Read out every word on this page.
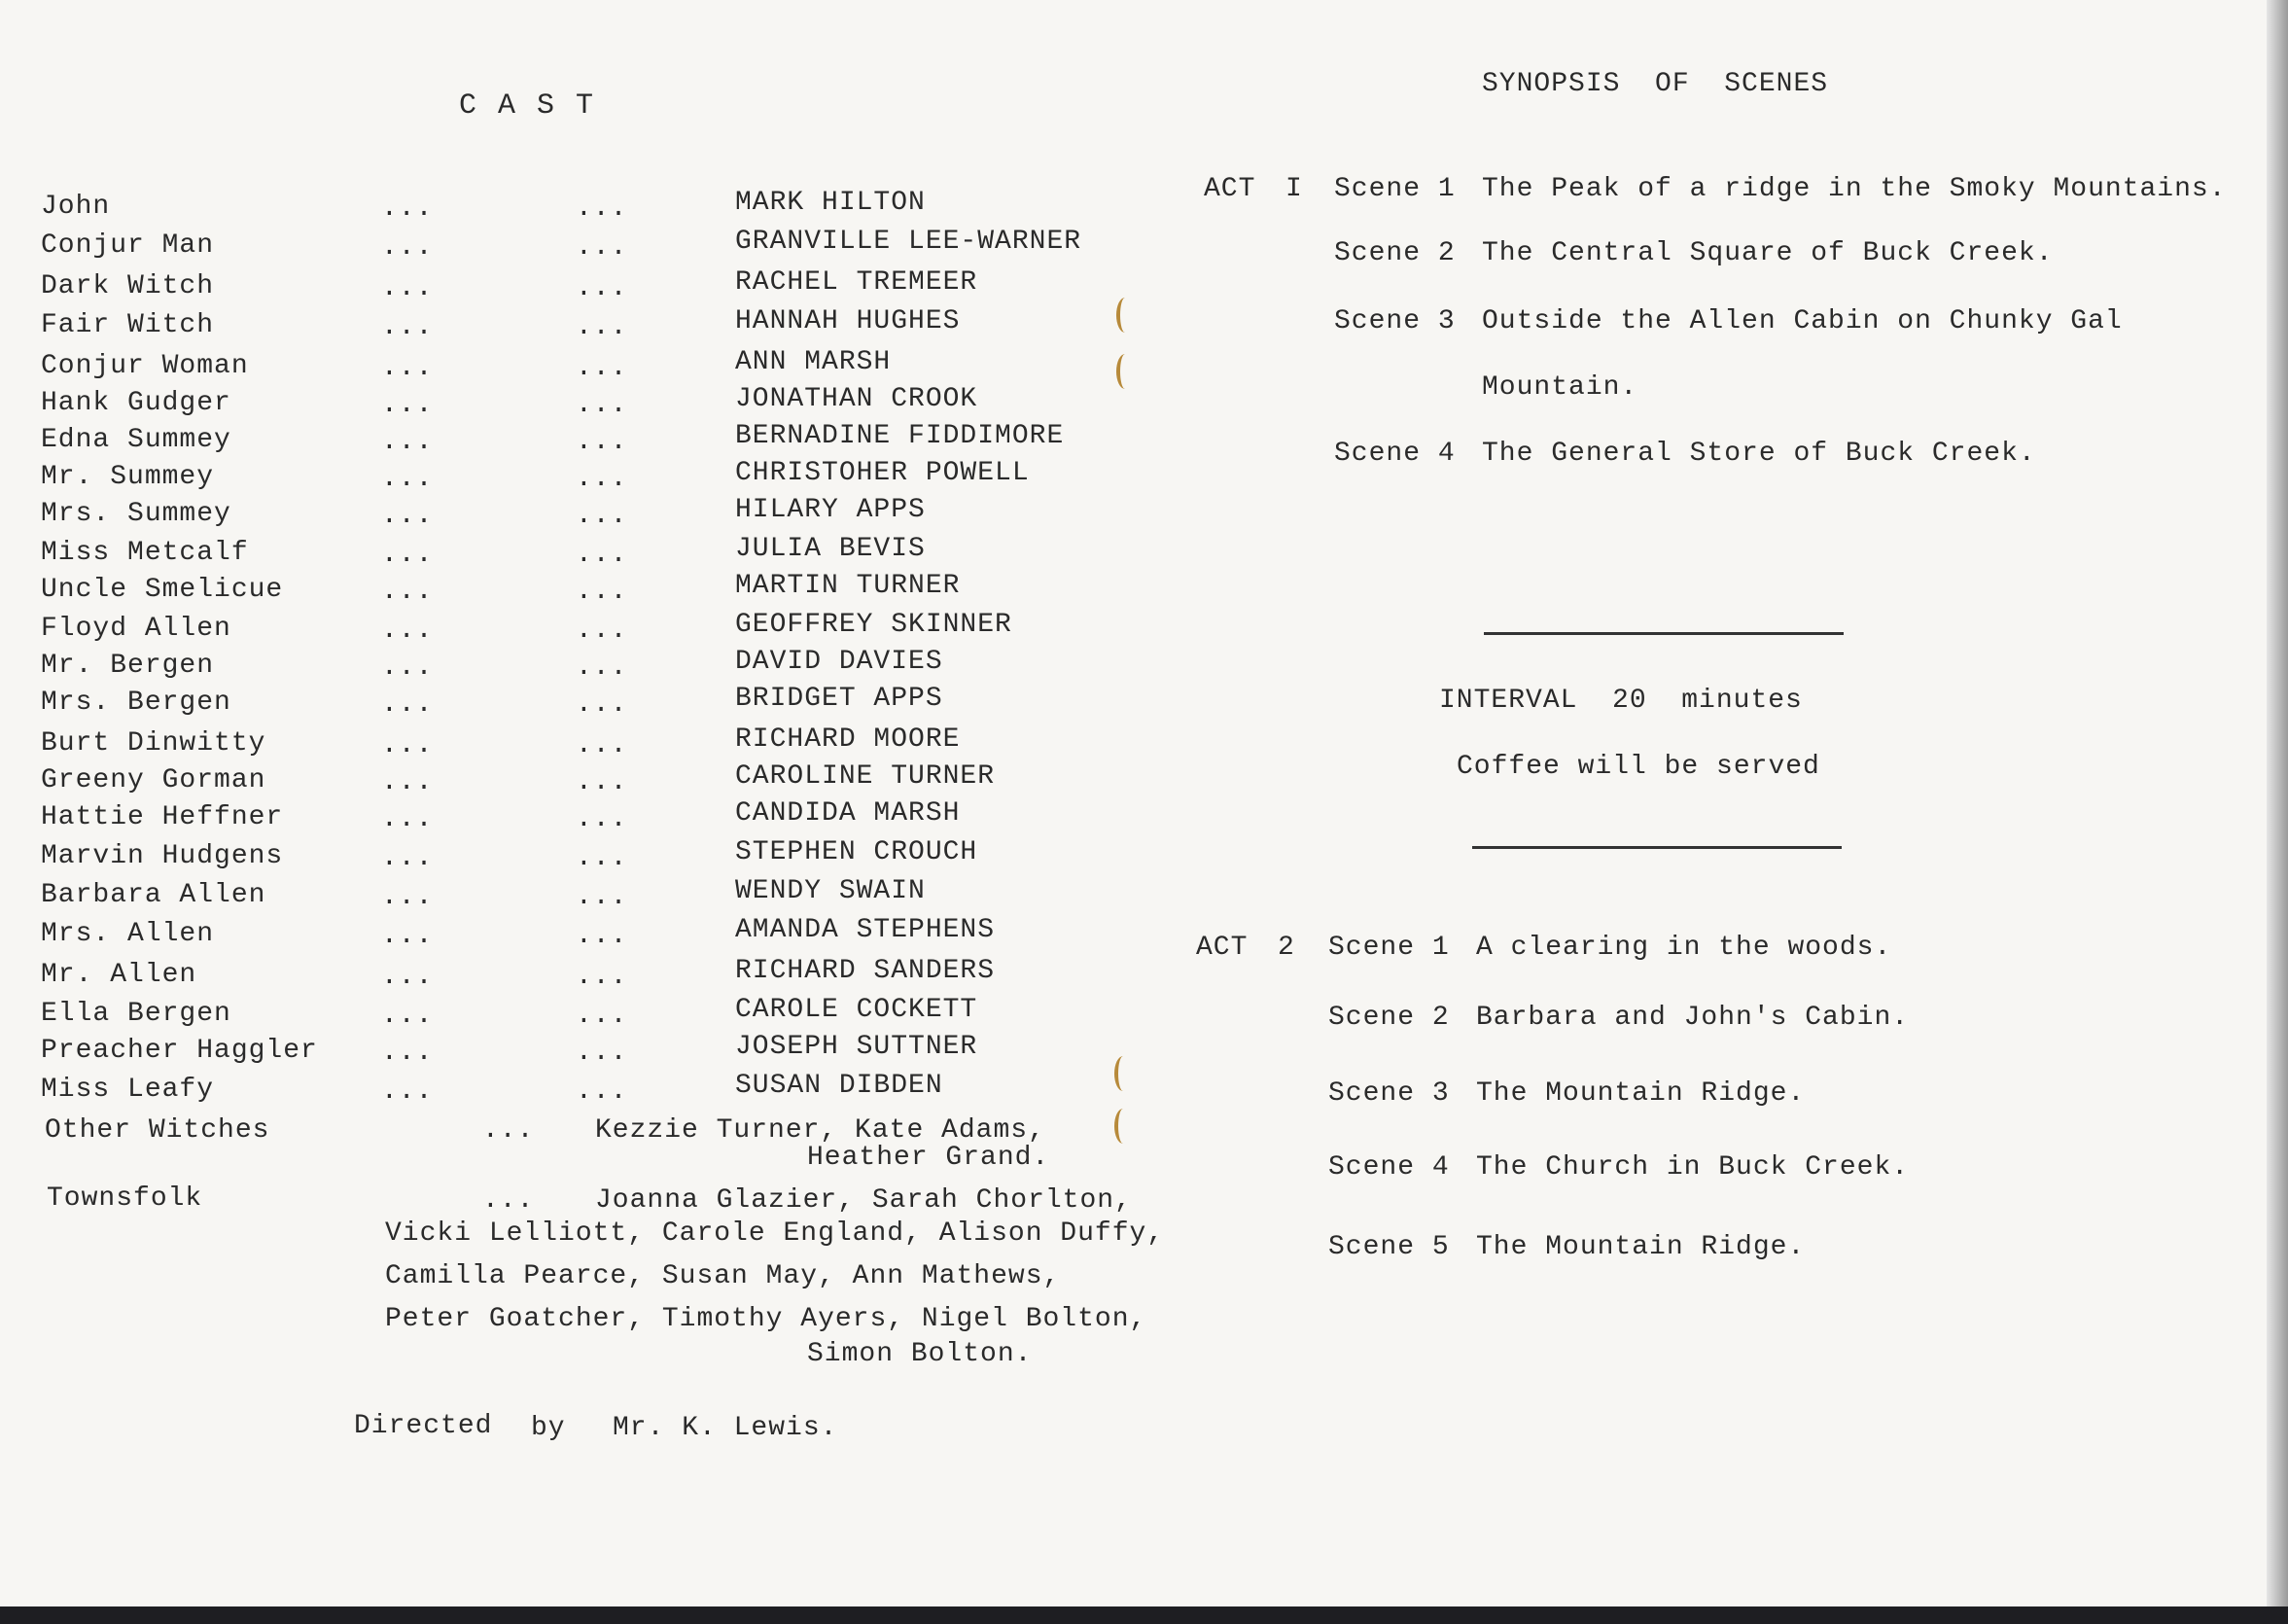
C A S T
John	...	...	MARK HILTON
Conjur Man	...	...	GRANVILLE LEE-WARNER
Dark Witch	...	...	RACHEL TREMEER
Fair Witch	...	...	HANNAH HUGHES
Conjur Woman	...	...	ANN MARSH
Hank Gudger	...	...	JONATHAN CROOK
Edna Summey	...	...	BERNADINE FIDDIMORE
Mr. Summey	...	...	CHRISTOHER POWELL
Mrs. Summey	...	...	HILARY APPS
Miss Metcalf	...	...	JULIA BEVIS
Uncle Smelicue	...	...	MARTIN TURNER
Floyd Allen	...	...	GEOFFREY SKINNER
Mr. Bergen	...	...	DAVID DAVIES
Mrs. Bergen	...	...	BRIDGET APPS
Burt Dinwitty	...	...	RICHARD MOORE
Greeny Gorman	...	...	CAROLINE TURNER
Hattie Heffner	...	...	CANDIDA MARSH
Marvin Hudgens	...	...	STEPHEN CROUCH
Barbara Allen	...	...	WENDY SWAIN
Mrs. Allen	...	...	AMANDA STEPHENS
Mr. Allen	...	...	RICHARD SANDERS
Ella Bergen	...	...	CAROLE COCKETT
Preacher Haggler ...	...	JOSEPH SUTTNER
Miss Leafy	...	...	SUSAN DIBDEN
Other Witches	... Kezzie Turner, Kate Adams,
Heather Grand.
Townsfolk	... Joanna Glazier, Sarah Chorlton,
Vicki Lelliott, Carole England, Alison Duffy,
Camilla Pearce, Susan May, Ann Mathews,
Peter Goatcher, Timothy Ayers, Nigel Bolton,
Simon Bolton.
Directed by Mr. K. Lewis.
SYNOPSIS  OF  SCENES
ACT I Scene 1 The Peak of a ridge in the Smoky Mountains.
Scene 2 The Central Square of Buck Creek.
Scene 3 Outside the Allen Cabin on Chunky Gal
Mountain.
Scene 4 The General Store of Buck Creek.
INTERVAL  20  minutes
Coffee will be served
ACT 2 Scene 1 A clearing in the woods.
Scene 2 Barbara and John's Cabin.
Scene 3 The Mountain Ridge.
Scene 4 The Church in Buck Creek.
Scene 5 The Mountain Ridge.
